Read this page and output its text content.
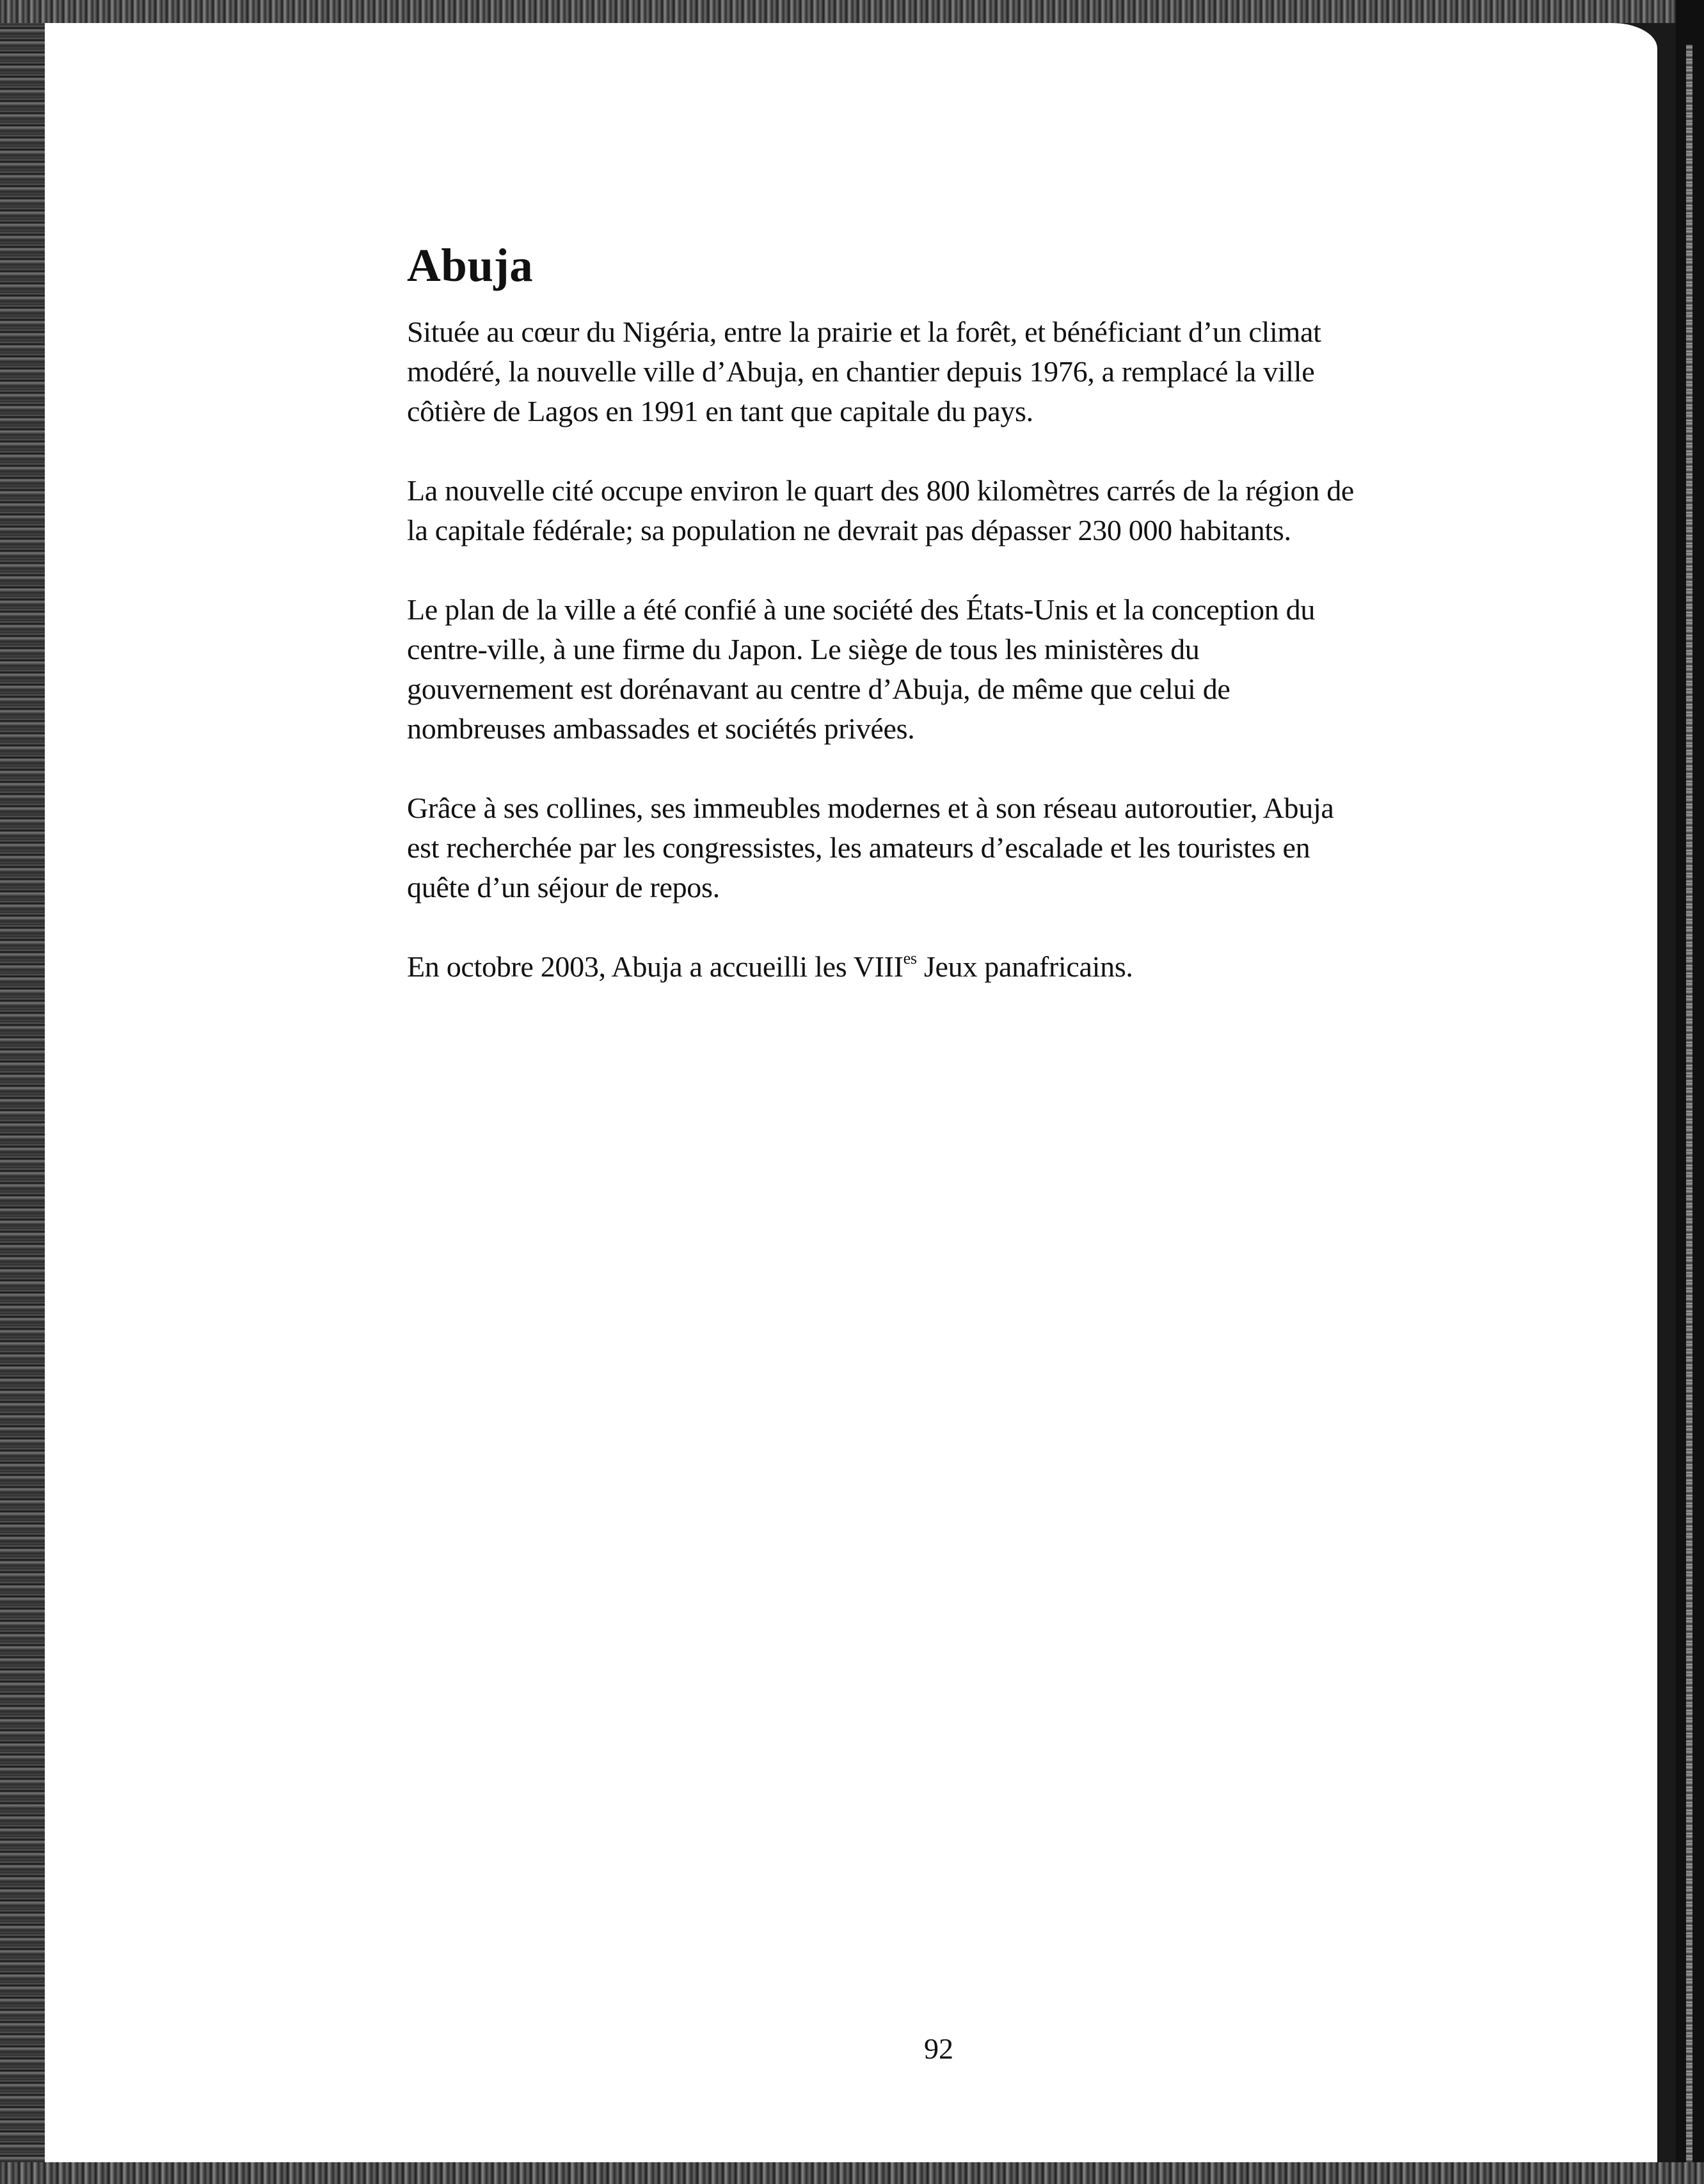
Abuja

Située au cœur du Nigéria, entre la prairie et la forêt, et bénéficiant d’un climat
modéré, la nouvelle ville d’Abuja, en chantier depuis 1976, a remplacé la ville
côtière de Lagos en 1991 en tant que capitale du pays.

La nouvelle cité occupe environ le quart des 800 kilomètres carrés de la région de
la capitale fédérale; sa population ne devrait pas dépasser 230 000 habitants.

Le plan de la ville a été confié à une société des États-Unis et la conception du
centre-ville, à une firme du Japon. Le siège de tous les ministères du
gouvernement est dorénavant au centre d’Abuja, de même que celui de
nombreuses ambassades et sociétés privées.

Grâce à ses collines, ses immeubles modernes et à son réseau autoroutier, Abuja
est recherchée par les congressistes, les amateurs d’escalade et les touristes en
quête d’un séjour de repos.

En octobre 2003, Abuja a accueilli les $VIII^{es}$ Jeux panafricains.

92
